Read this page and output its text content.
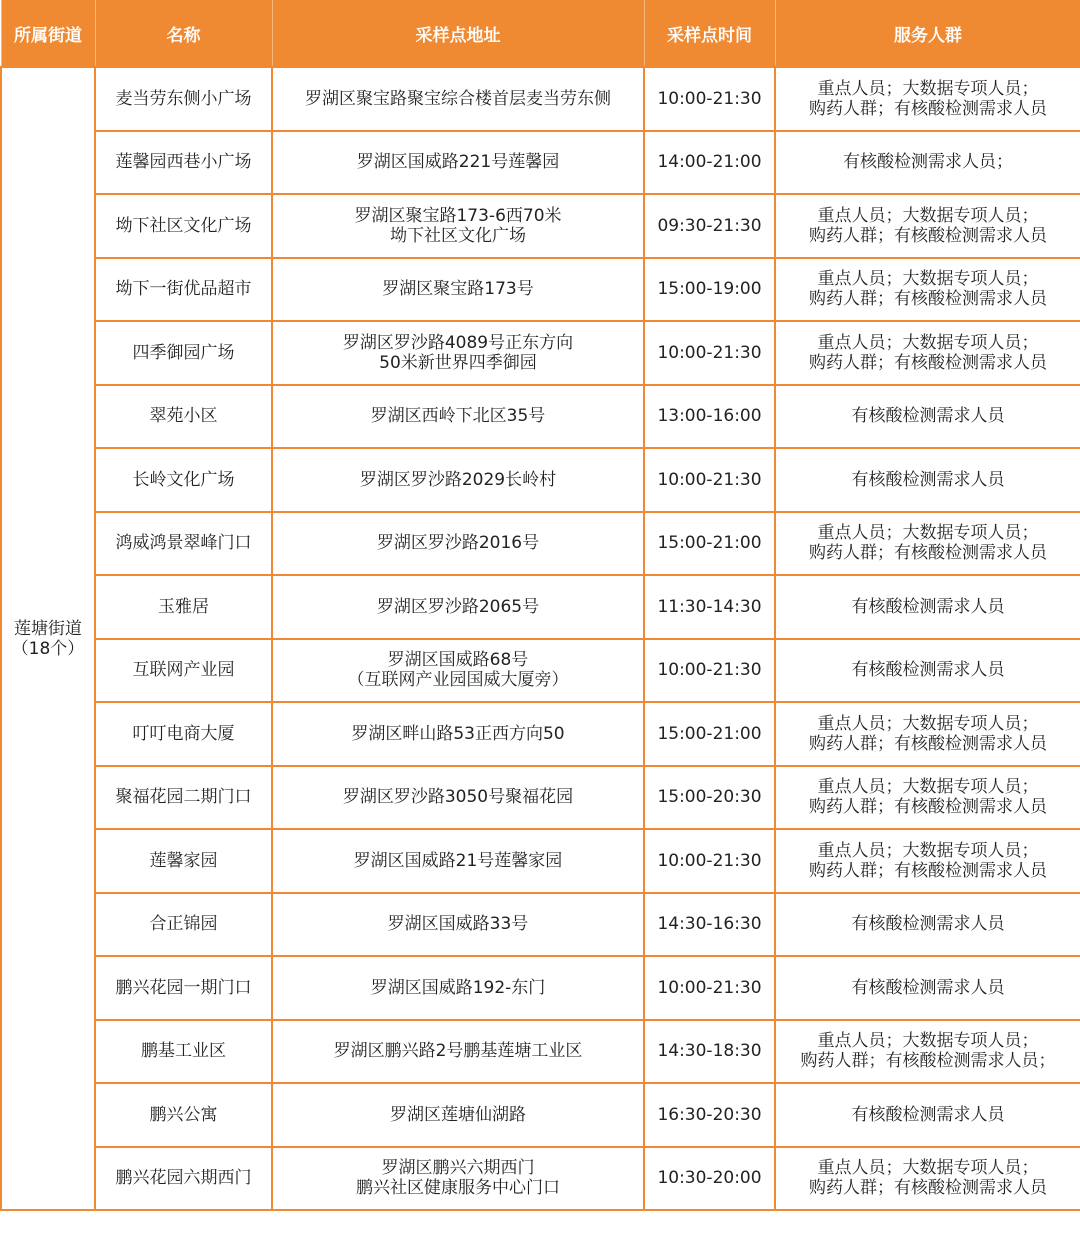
所属街道	名称	采样点地址	采样点时间	服务人群

莲塘街道
（18个）	麦当劳东侧小广场	罗湖区聚宝路聚宝综合楼首层麦当劳东侧	10:00-21:30	重点人员；大数据专项人员；
购药人群；有核酸检测需求人员

	莲馨园西巷小广场	罗湖区国威路221号莲馨园	14:00-21:00	有核酸检测需求人员；

	坳下社区文化广场	罗湖区聚宝路173-6西70米
坳下社区文化广场	09:30-21:30	重点人员；大数据专项人员；
购药人群；有核酸检测需求人员

	坳下一街优品超市	罗湖区聚宝路173号	15:00-19:00	重点人员；大数据专项人员；
购药人群；有核酸检测需求人员

	四季御园广场	罗湖区罗沙路4089号正东方向
50米新世界四季御园	10:00-21:30	重点人员；大数据专项人员；
购药人群；有核酸检测需求人员

	翠苑小区	罗湖区西岭下北区35号	13:00-16:00	有核酸检测需求人员

	长岭文化广场	罗湖区罗沙路2029长岭村	10:00-21:30	有核酸检测需求人员

	鸿威鸿景翠峰门口	罗湖区罗沙路2016号	15:00-21:00	重点人员；大数据专项人员；
购药人群；有核酸检测需求人员

	玉雅居	罗湖区罗沙路2065号	11:30-14:30	有核酸检测需求人员

	互联网产业园	罗湖区国威路68号
（互联网产业园国威大厦旁）	10:00-21:30	有核酸检测需求人员

	叮叮电商大厦	罗湖区畔山路53正西方向50	15:00-21:00	重点人员；大数据专项人员；
购药人群；有核酸检测需求人员

	聚福花园二期门口	罗湖区罗沙路3050号聚福花园	15:00-20:30	重点人员；大数据专项人员；
购药人群；有核酸检测需求人员

	莲馨家园	罗湖区国威路21号莲馨家园	10:00-21:30	重点人员；大数据专项人员；
购药人群；有核酸检测需求人员

	合正锦园	罗湖区国威路33号	14:30-16:30	有核酸检测需求人员

	鹏兴花园一期门口	罗湖区国威路192-东门	10:00-21:30	有核酸检测需求人员

	鹏基工业区	罗湖区鹏兴路2号鹏基莲塘工业区	14:30-18:30	重点人员；大数据专项人员；
购药人群；有核酸检测需求人员；

	鹏兴公寓	罗湖区莲塘仙湖路	16:30-20:30	有核酸检测需求人员

	鹏兴花园六期西门	罗湖区鹏兴六期西门
鹏兴社区健康服务中心门口	10:30-20:00	重点人员；大数据专项人员；
购药人群；有核酸检测需求人员
